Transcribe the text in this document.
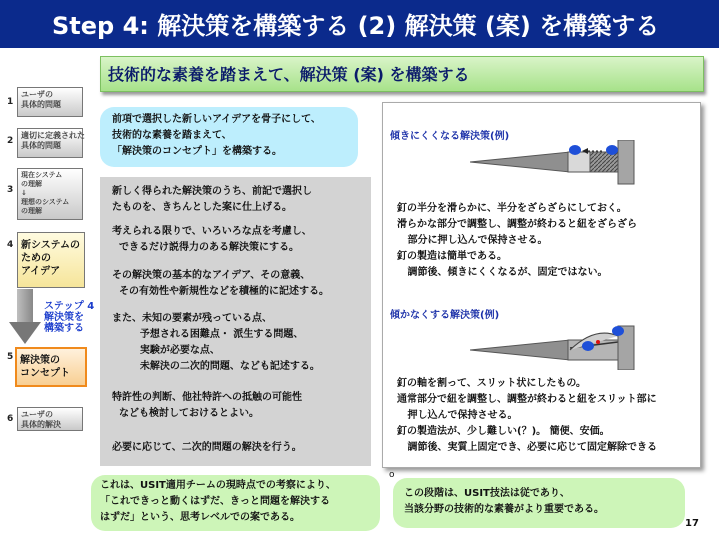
Step 4: 解決策を構築する (2) 解決策 (案) を構築する
技術的な素養を踏まえて、解決策 (案) を構築する
1
ユーザの
具体的問題
2
適切に定義された
具体的問題
3
現在システム
の理解
↓
理想のシステム
の理解
4 新システムの
ための
アイデア
ステップ 4
解決策を
構築する
5 解決策の
コンセプト
6 ユーザの
具体的解決
前項で選択した新しいアイデアを骨子にして、
技術的な素養を踏まえて、
「解決策のコンセプト」を構築する。
新しく得られた解決策のうち、前記で選択し
たものを、きちんとした案に仕上げる。
考えられる限りで、いろいろな点を考慮し、
できるだけ説得力のある解決策にする。
その解決策の基本的なアイデア、その意義、
その有効性や新規性などを積極的に記述する。
また、未知の要素が残っている点、
予想される困難点・ 派生する問題、
実験が必要な点、
未解決の二次的問題、なども記述する。
特許性の判断、他社特許への抵触の可能性
なども検討しておけるとよい。
必要に応じて、二次的問題の解決を行う。
これは、USIT適用チームの現時点での考察により、
「これできっと動くはずだ、きっと問題を解決する
はずだ」という、思考レベルでの案である。
傾きにくくなる解決策(例)
釘の半分を滑らかに、半分をざらざらにしておく。
滑らかな部分で調整し、調整が終わると紐をざらざら
部分に押し込んで保持させる。
釘の製造は簡単である。
調節後、傾きにくくなるが、固定ではない。
傾かなくする解決策(例)
釘の軸を割って、スリット状にしたもの。
通常部分で紐を調整し、調整が終わると紐をスリット部に
押し込んで保持させる。
釘の製造法が、少し難しい(？)。 簡便、安価。
調節後、実質上固定でき、必要に応じて固定解除できる
この段階は、USIT技法は従であり、
当該分野の技術的な素養がより重要である。
o
17
